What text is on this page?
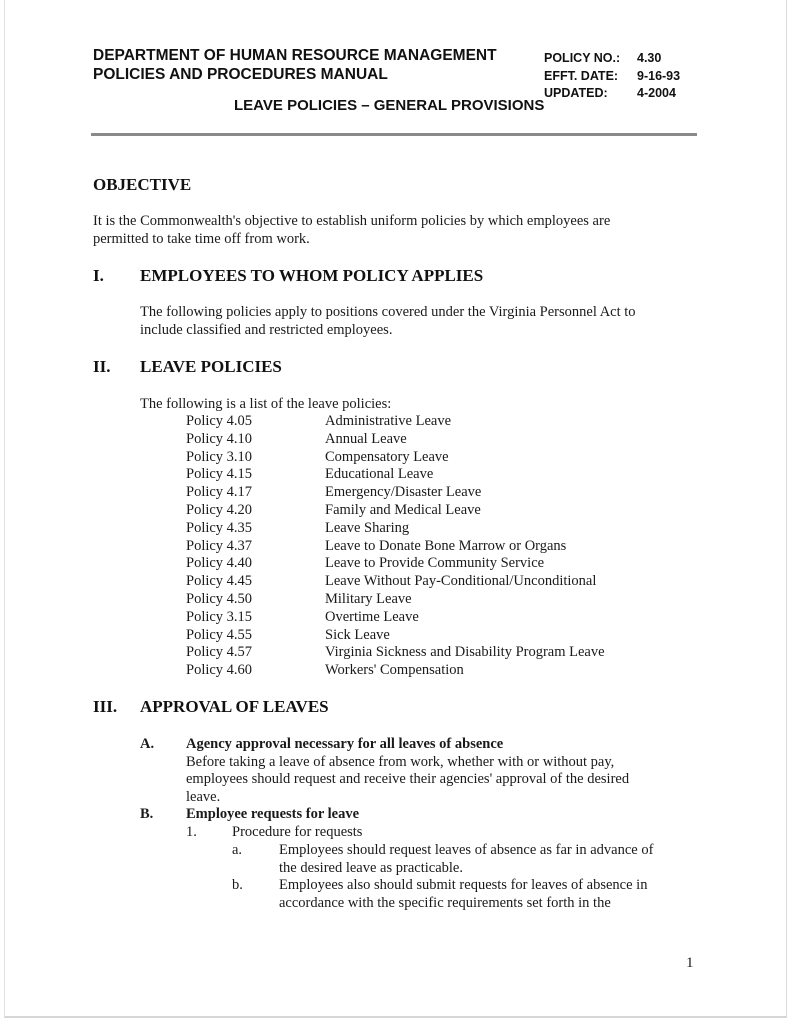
DEPARTMENT OF HUMAN RESOURCE MANAGEMENT
POLICIES AND PROCEDURES MANUAL
POLICY NO.:	4.30
EFFT. DATE:	9-16-93
UPDATED:	4-2004
LEAVE POLICIES – GENERAL PROVISIONS
OBJECTIVE
It is the Commonwealth's objective to establish uniform policies by which employees are
permitted to take time off from work.
I. EMPLOYEES TO WHOM POLICY APPLIES
The following policies apply to positions covered under the Virginia Personnel Act to
include classified and restricted employees.
II. LEAVE POLICIES
The following is a list of the leave policies:
Policy 4.05	Administrative Leave
Policy 4.10	Annual Leave
Policy 3.10	Compensatory Leave
Policy 4.15	Educational Leave
Policy 4.17	Emergency/Disaster Leave
Policy 4.20	Family and Medical Leave
Policy 4.35	Leave Sharing
Policy 4.37	Leave to Donate Bone Marrow or Organs
Policy 4.40	Leave to Provide Community Service
Policy 4.45	Leave Without Pay-Conditional/Unconditional
Policy 4.50	Military Leave
Policy 3.15	Overtime Leave
Policy 4.55	Sick Leave
Policy 4.57	Virginia Sickness and Disability Program Leave
Policy 4.60	Workers' Compensation
III. APPROVAL OF LEAVES
A. Agency approval necessary for all leaves of absence
Before taking a leave of absence from work, whether with or without pay,
employees should request and receive their agencies' approval of the desired
leave.
B. Employee requests for leave
1. Procedure for requests
a.	Employees should request leaves of absence as far in advance of
the desired leave as practicable.
b. Employees also should submit requests for leaves of absence in
accordance with the specific requirements set forth in the
1
